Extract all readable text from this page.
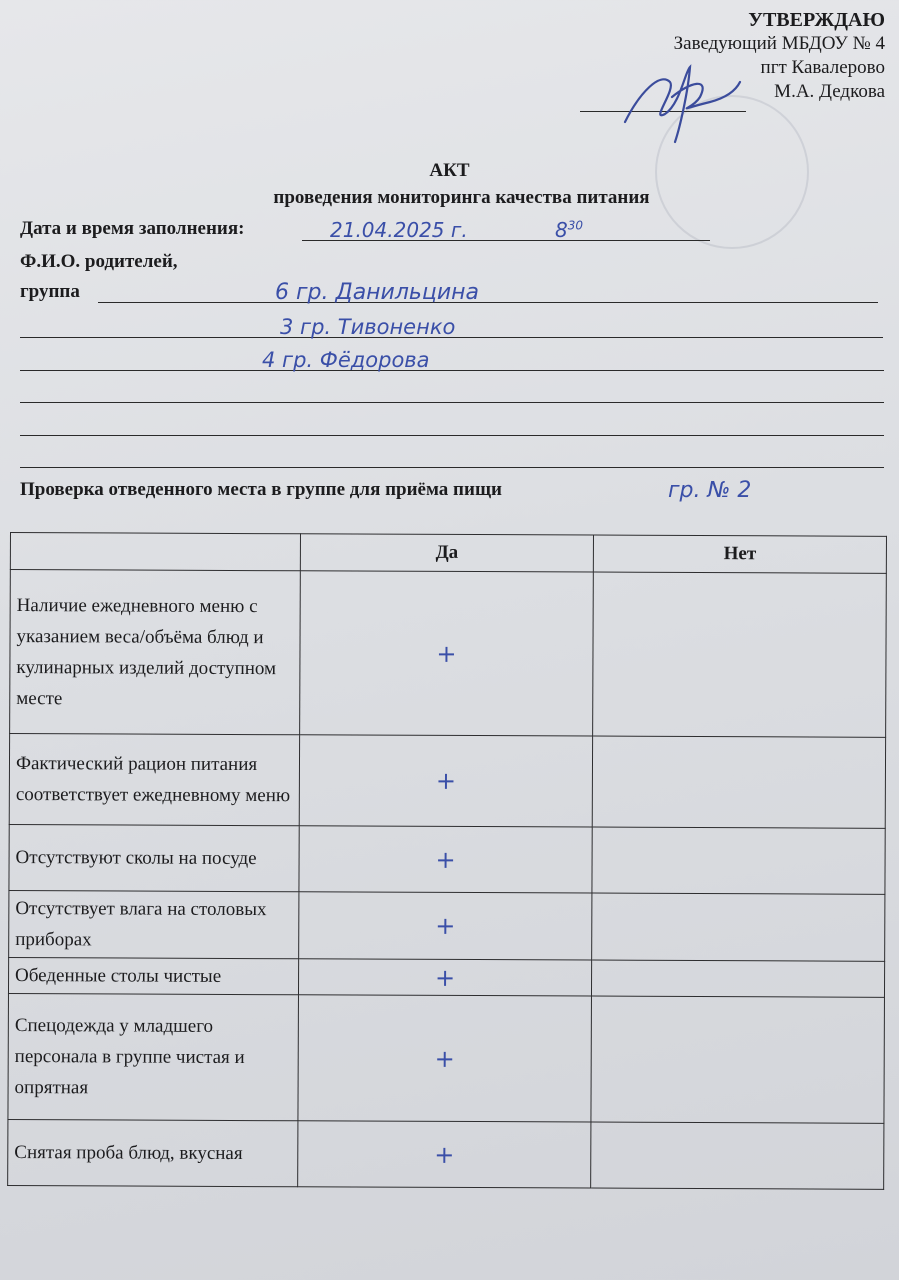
УТВЕРЖДАЮ
Заведующий МБДОУ № 4
пгт Кавалерово
М.А. Дедкова
АКТ
проведения мониторинга качества питания
Дата и время заполнения:	21.04.2025 г.	$8^{30}$
Ф.И.О. родителей,
группа	6 гр. Данильцина
3 гр. Тивоненко
4 гр. Фёдорова
Проверка отведенного места в группе для приёма пищи	гр. № 2
	Да	Нет
Наличие ежедневного меню с указанием веса/объёма блюд и кулинарных изделий доступном месте	+	
Фактический рацион питания соответствует ежедневному меню	+	
Отсутствуют сколы на посуде	+	
Отсутствует влага на столовых приборах	+	
Обеденные столы чистые	+	
Спецодежда у младшего персонала в группе чистая и опрятная	+	
Снятая проба блюд, вкусная	+	
